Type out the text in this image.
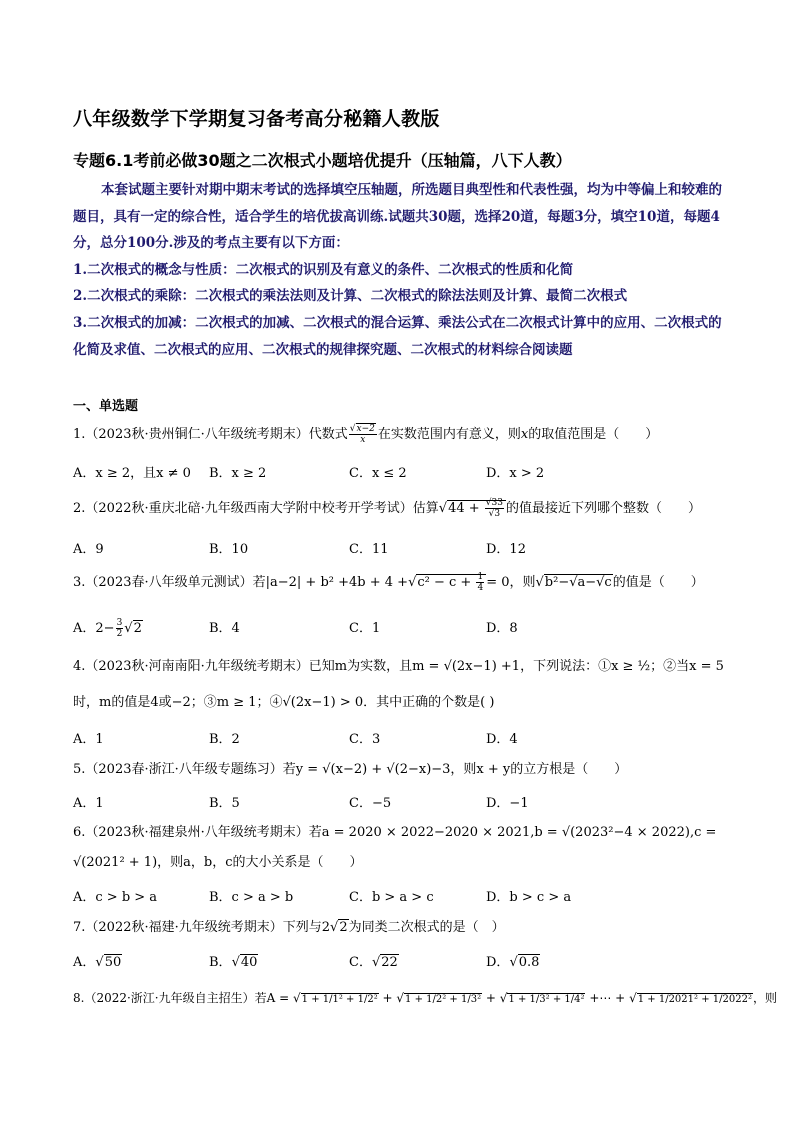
八年级数学下学期复习备考高分秘籍人教版
专题6.1考前必做30题之二次根式小题培优提升（压轴篇，八下人教）

本套试题主要针对期中期末考试的选择填空压轴题，所选题目典型性和代表性强，均为中等偏上和较难的题目，具有一定的综合性，适合学生的培优拔高训练.试题共30题，选择20道，每题3分，填空10道，每题4分，总分100分.涉及的考点主要有以下方面：

1.二次根式的概念与性质：二次根式的识别及有意义的条件、二次根式的性质和化简

2.二次根式的乘除：二次根式的乘法法则及计算、二次根式的除法法则及计算、最简二次根式

3.二次根式的加减：二次根式的加减、二次根式的混合运算、乘法公式在二次根式计算中的应用、二次根式的化简及求值、二次根式的应用、二次根式的规律探究题、二次根式的材料综合阅读题

一、单选题
1.（2023秋·贵州铜仁·八年级统考期末）代数式 $\frac{√x-2}{x}$ 在实数范围内有意义，则x的取值范围是（　　）
A．x ≥ 2，且x ≠ 0 B．x ≥ 2	C．x ≤ 2	D．x > 2
2.（2022秋·重庆北碚·九年级西南大学附中校考开学考试）估算$√44 + \frac{√33}{√3}$ 的值最接近下列哪个整数（　　）
A．9	B．10	C．11	D．12
3.（2023春·八年级单元测试）若$|a-2| + b^2 +4b + 4 +√c^2 - c + \frac{1}{4} = 0$，则√b²−√a−√c的值是（　　）
A．$2- \frac{3}{2} √2$	B．4	C．1	D．8
4.（2023秋·河南南阳·九年级统考期末）已知m为实数，且m = √(2x−1) +1，下列说法：①x ≥ ½；②当x = 5
时，m的值是4或−2；③m ≥ 1；④√(2x−1) > 0．其中正确的个数是( )
A．1	B．2	C．3	D．4
5.（2023春·浙江·八年级专题练习）若y = √(x−2) + √(2−x)−3，则x + y的立方根是（　　）
A．1	B．5	C．−5	D．−1
6.（2023秋·福建泉州·八年级统考期末）若a = 2020 × 2022−2020 × 2021,b = √(2023²−4 × 2022),c =
√(2021² + 1)，则a，b，c的大小关系是（　　）
A．c > b > a	B．c > a > b	C．b > a > c	D．b > c > a
7.（2022秋·福建·九年级统考期末）下列与2√2为同类二次根式的是（　）
A．√50	B．√40	C．√22	D．√0.8
8.（2022·浙江·九年级自主招生）若A = √1 + 1/1² + 1/2² + √1 + 1/2² + 1/3² + √1 + 1/3² + 1/4² +⋯ + √1 + 1/2021² + 1/2022²，则
